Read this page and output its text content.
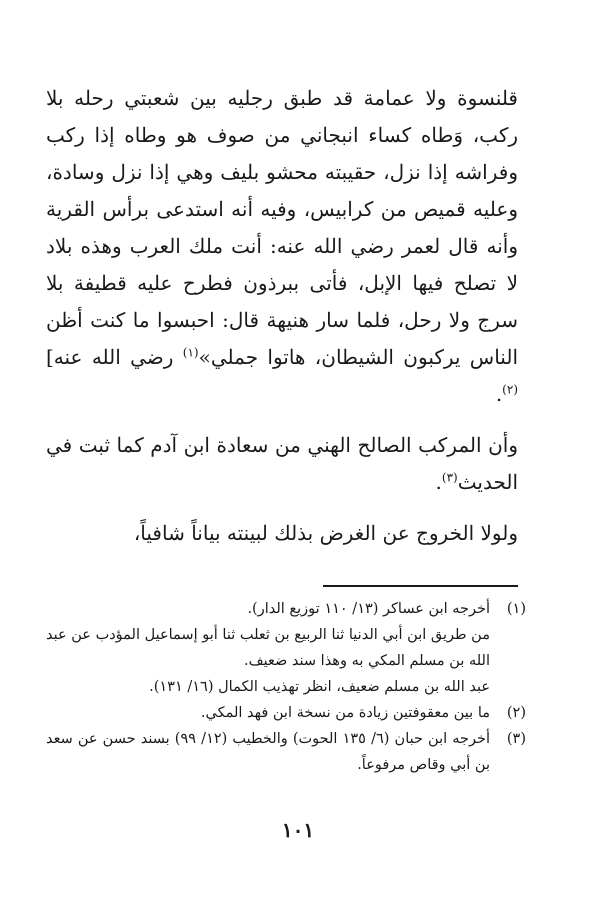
قلنسوة ولا عمامة قد طبق رجليه بين شعبتي رحله بلا ركب، وَطاه كساء انبجاني من صوف هو وطاه إذا ركب وفراشه إذا نزل، حقيبته محشو بليف وهي إذا نزل وسادة، وعليه قميص من كرابيس، وفيه أنه استدعى برأس القرية وأنه قال لعمر رضي الله عنه: أنت ملك العرب وهذه بلاد لا تصلح فيها الإبل، فأتى ببرذون فطرح عليه قطيفة بلا سرج ولا رحل، فلما سار هنيهة قال: احبسوا ما كنت أظن الناس يركبون الشيطان، هاتوا جملي»$^{(١)}$ رضي الله عنه]$^{(٢)}$.

وأن المركب الصالح الهني من سعادة ابن آدم كما ثبت في الحديث$^{(٣)}$.

ولولا الخروج عن الغرض بذلك لبينته بياناً شافياً،

(١)
أخرجه ابن عساكر (١٣/ ١١٠ توزيع الدار).
من طريق ابن أبي الدنيا ثنا الربيع بن ثعلب ثنا أبو إسماعيل المؤدب عن عبد الله بن مسلم المكي به وهذا سند ضعيف.
عبد الله بن مسلم ضعيف، انظر تهذيب الكمال (١٦/ ١٣١).
(٢)
ما بين معقوفتين زيادة من نسخة ابن فهد المكي.
(٣)
أخرجه ابن حبان (٦/ ١٣٥ الحوت) والخطيب (١٢/ ٩٩) بسند حسن عن سعد بن أبي وقاص مرفوعاً.
١٠١
